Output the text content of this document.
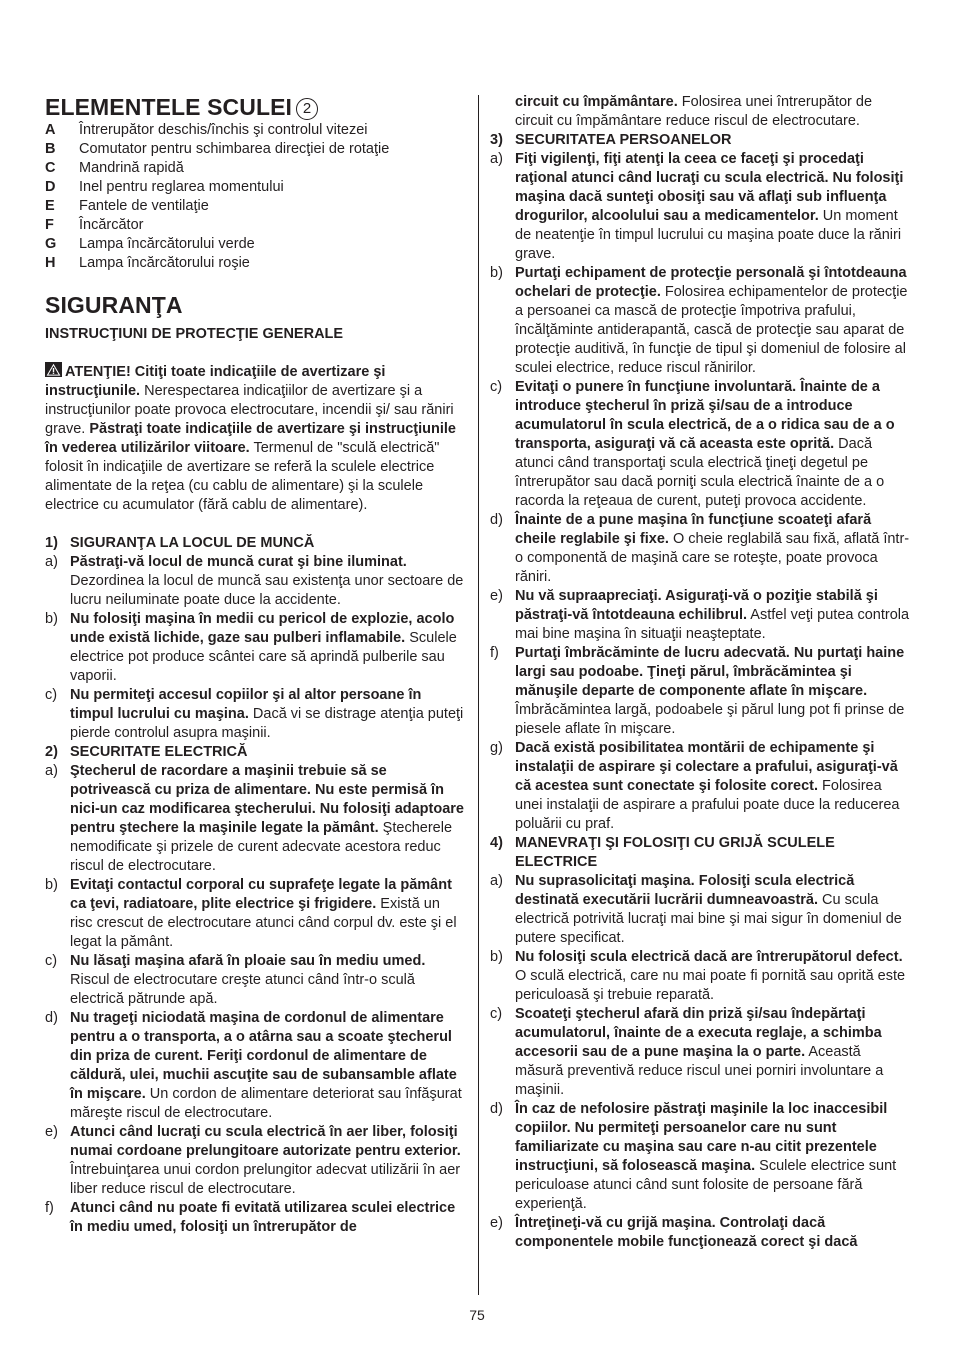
ELEMENTELE SCULEI 2
A	Întrerupător deschis/închis şi controlul vitezei
B	Comutator pentru schimbarea direcţiei de rotaţie
C	Mandrină rapidă
D	Inel pentru reglarea momentului
E	Fantele de ventilaţie
F	Încărcător
G	Lampa încărcătorului verde
H	Lampa încărcătorului roşie
SIGURANŢA
INSTRUCŢIUNI DE PROTECŢIE GENERALE

ATENŢIE! Citiţi toate indicaţiile de avertizare şi instrucţiunile. Nerespectarea indicaţiilor de avertizare şi a instrucţiunilor poate provoca electrocutare, incendii şi/ sau răniri grave. Păstraţi toate indicaţiile de avertizare şi instrucţiunile în vederea utilizărilor viitoare. Termenul de "sculă electrică" folosit în indicaţiile de avertizare se referă la sculele electrice alimentate de la reţea (cu cablu de alimentare) şi la sculele electrice cu acumulator (fără cablu de alimentare).

1) SIGURANŢA LA LOCUL DE MUNCĂ
a) Păstraţi-vă locul de muncă curat şi bine iluminat. Dezordinea la locul de muncă sau existenţa unor sectoare de lucru neiluminate poate duce la accidente.
b) Nu folosiţi maşina în medii cu pericol de explozie, acolo unde există lichide, gaze sau pulberi inflamabile. Sculele electrice pot produce scântei care să aprindă pulberile sau vaporii.
c) Nu permiteţi accesul copiilor şi al altor persoane în timpul lucrului cu maşina. Dacă vi se distrage atenţia puteţi pierde controlul asupra maşinii.
2) SECURITATE ELECTRICĂ
a) Ştecherul de racordare a maşinii trebuie să se potrivească cu priza de alimentare. Nu este permisă în nici-un caz modificarea ştecherului. Nu folosiţi adaptoare pentru ştechere la maşinile legate la pământ. Ştecherele nemodificate şi prizele de curent adecvate acestora reduc riscul de electrocutare.
b) Evitaţi contactul corporal cu suprafeţe legate la pământ ca ţevi, radiatoare, plite electrice şi frigidere. Există un risc crescut de electrocutare atunci când corpul dv. este şi el legat la pământ.
c) Nu lăsaţi maşina afară în ploaie sau în mediu umed. Riscul de electrocutare creşte atunci când într-o sculă electrică pătrunde apă.
d) Nu trageţi niciodată maşina de cordonul de alimentare pentru a o transporta, a o atârna sau a scoate ştecherul din priza de curent. Feriţi cordonul de alimentare de căldură, ulei, muchii ascuţite sau de subansamble aflate în mişcare. Un cordon de alimentare deteriorat sau înfăşurat măreşte riscul de electrocutare.
e) Atunci când lucraţi cu scula electrică în aer liber, folosiţi numai cordoane prelungitoare autorizate pentru exterior. Întrebuinţarea unui cordon prelungitor adecvat utilizării în aer liber reduce riscul de electrocutare.
f)	Atunci când nu poate fi evitată utilizarea sculei electrice în mediu umed, folosiţi un întrerupător de
circuit cu împământare. Folosirea unei întrerupător de circuit cu împământare reduce riscul de electrocutare.
3) SECURITATEA PERSOANELOR
a) Fiţi vigilenţi, fiţi atenţi la ceea ce faceţi şi procedaţi raţional atunci când lucraţi cu scula electrică. Nu folosiţi maşina dacă sunteţi obosiţi sau vă aflaţi sub influenţa drogurilor, alcoolului sau a medicamentelor. Un moment de neatenţie în timpul lucrului cu maşina poate duce la răniri grave.
b) Purtaţi echipament de protecţie personală şi întotdeauna ochelari de protecţie. Folosirea echipamentelor de protecţie a persoanei ca mască de protecţie împotriva prafului, încălţăminte antiderapantă, cască de protecţie sau aparat de protecţie auditivă, în funcţie de tipul şi domeniul de folosire al sculei electrice, reduce riscul rănirilor.
c) Evitaţi o punere în funcţiune involuntară. Înainte de a introduce ştecherul în priză şi/sau de a introduce acumulatorul în scula electrică, de a o ridica sau de a o transporta, asiguraţi vă că aceasta este oprită. Dacă atunci când transportaţi scula electrică ţineţi degetul pe întrerupător sau dacă porniţi scula electrică înainte de a o racorda la reţeaua de curent, puteţi provoca accidente.
d) Înainte de a pune maşina în funcţiune scoateţi afară cheile reglabile şi fixe. O cheie reglabilă sau fixă, aflată într-o componentă de maşină care se roteşte, poate provoca răniri.
e) Nu vă supraapreciaţi. Asiguraţi-vă o poziţie stabilă şi păstraţi-vă întotdeauna echilibrul. Astfel veţi putea controla mai bine maşina în situaţii neaşteptate.
f)	Purtaţi îmbrăcăminte de lucru adecvată. Nu purtaţi haine largi sau podoabe. Ţineţi părul, îmbrăcămintea şi mănuşile departe de componente aflate în mişcare. Îmbrăcămintea largă, podoabele şi părul lung pot fi prinse de piesele aflate în mişcare.
g) Dacă există posibilitatea montării de echipamente şi instalaţii de aspirare şi colectare a prafului, asiguraţi-vă că acestea sunt conectate şi folosite corect. Folosirea unei instalaţii de aspirare a prafului poate duce la reducerea poluării cu praf.
4) MANEVRAŢI ŞI FOLOSIŢI CU GRIJĂ SCULELE ELECTRICE
a) Nu suprasolicitaţi maşina. Folosiţi scula electrică destinată executării lucrării dumneavoastră. Cu scula electrică potrivită lucraţi mai bine şi mai sigur în domeniul de putere specificat.
b) Nu folosiţi scula electrică dacă are întrerupătorul defect. O sculă electrică, care nu mai poate fi pornită sau oprită este periculoasă şi trebuie reparată.
c) Scoateţi ştecherul afară din priză şi/sau îndepărtaţi acumulatorul, înainte de a executa reglaje, a schimba accesorii sau de a pune maşina la o parte. Această măsură preventivă reduce riscul unei porniri involuntare a maşinii.
d) În caz de nefolosire păstraţi maşinile la loc inaccesibil copiilor. Nu permiteţi persoanelor care nu sunt familiarizate cu maşina sau care n-au citit prezentele instrucţiuni, să folosească maşina. Sculele electrice sunt periculoase atunci când sunt folosite de persoane fără experienţă.
e) Întreţineţi-vă cu grijă maşina. Controlaţi dacă componentele mobile funcţionează corect şi dacă
75
